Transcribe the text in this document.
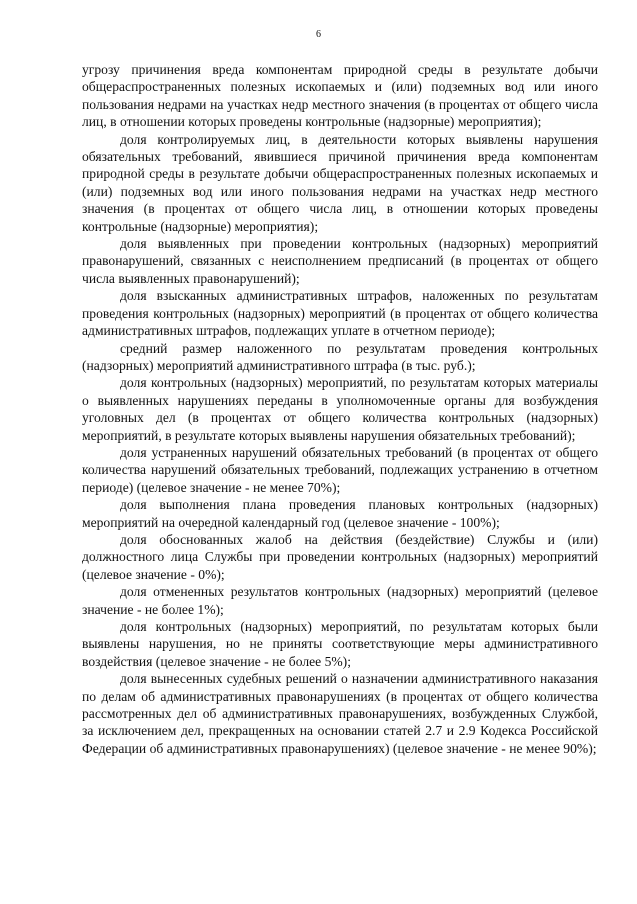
6

угрозу причинения вреда компонентам природной среды в результате добычи общераспространенных полезных ископаемых и (или) подземных вод или иного пользования недрами на участках недр местного значения (в процентах от общего числа лиц, в отношении которых проведены контрольные (надзорные) мероприятия);

доля контролируемых лиц, в деятельности которых выявлены нарушения обязательных требований, явившиеся причиной причинения вреда компонентам природной среды в результате добычи общераспространенных полезных ископаемых и (или) подземных вод или иного пользования недрами на участках недр местного значения (в процентах от общего числа лиц, в отношении которых проведены контрольные (надзорные) мероприятия);

доля выявленных при проведении контрольных (надзорных) мероприятий правонарушений, связанных с неисполнением предписаний (в процентах от общего числа выявленных правонарушений);

доля взысканных административных штрафов, наложенных по результатам проведения контрольных (надзорных) мероприятий (в процентах от общего количества административных штрафов, подлежащих уплате в отчетном периоде);

средний размер наложенного по результатам проведения контрольных (надзорных) мероприятий административного штрафа (в тыс. руб.);

доля контрольных (надзорных) мероприятий, по результатам которых материалы о выявленных нарушениях переданы в уполномоченные органы для возбуждения уголовных дел (в процентах от общего количества контрольных (надзорных) мероприятий, в результате которых выявлены нарушения обязательных требований);

доля устраненных нарушений обязательных требований (в процентах от общего количества нарушений обязательных требований, подлежащих устранению в отчетном периоде) (целевое значение - не менее 70%);

доля выполнения плана проведения плановых контрольных (надзорных) мероприятий на очередной календарный год (целевое значение - 100%);

доля обоснованных жалоб на действия (бездействие) Службы и (или) должностного лица Службы при проведении контрольных (надзорных) мероприятий (целевое значение - 0%);

доля отмененных результатов контрольных (надзорных) мероприятий (целевое значение - не более 1%);

доля контрольных (надзорных) мероприятий, по результатам которых были выявлены нарушения, но не приняты соответствующие меры административного воздействия (целевое значение - не более 5%);

доля вынесенных судебных решений о назначении административного наказания по делам об административных правонарушениях (в процентах от общего количества рассмотренных дел об административных правонарушениях, возбужденных Службой, за исключением дел, прекращенных на основании статей 2.7 и 2.9 Кодекса Российской Федерации об административных правонарушениях) (целевое значение - не менее 90%);
